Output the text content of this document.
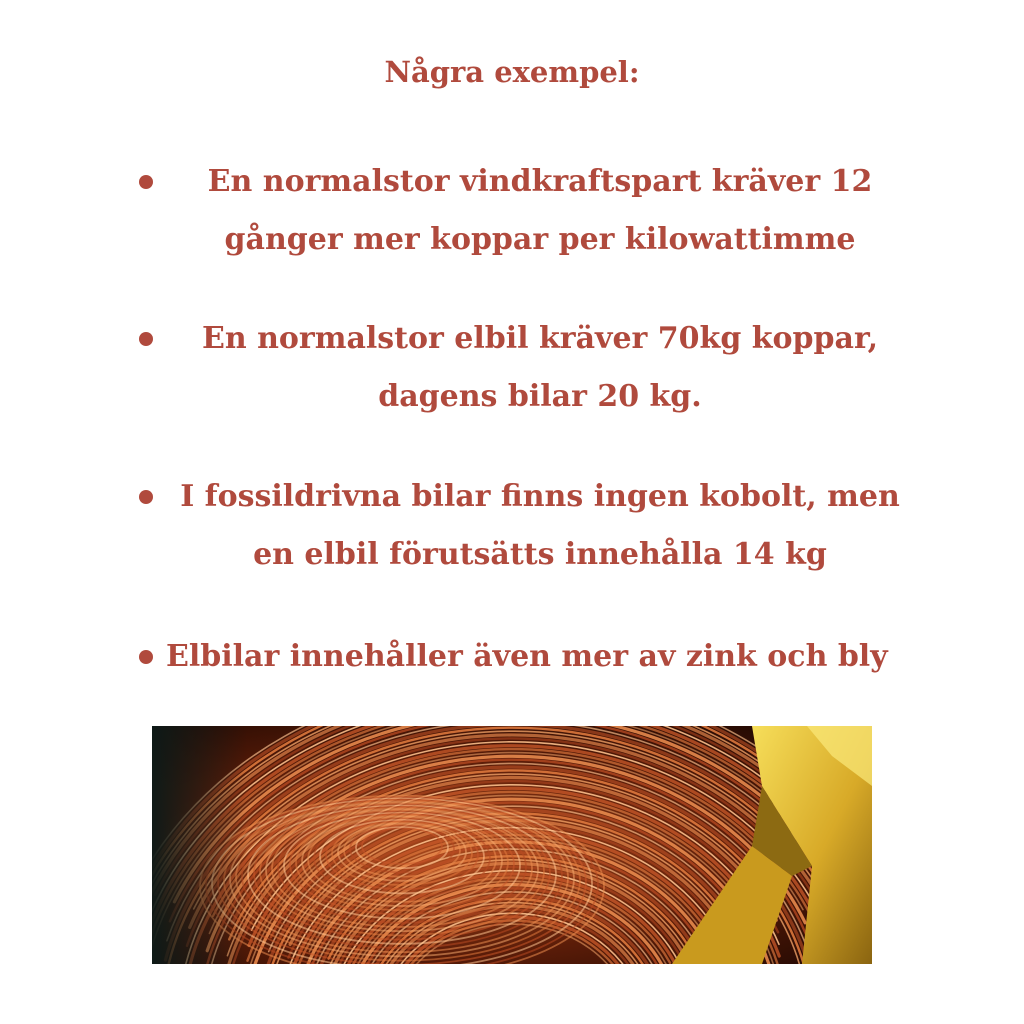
Några exempel:
En normalstor vindkraftspart kräver 12 gånger mer koppar per kilowattimme
En normalstor elbil kräver 70kg koppar, dagens bilar 20 kg.
I fossildrivna bilar finns ingen kobolt, men en elbil förutsätts innehålla 14 kg
Elbilar innehåller även mer av zink och bly
